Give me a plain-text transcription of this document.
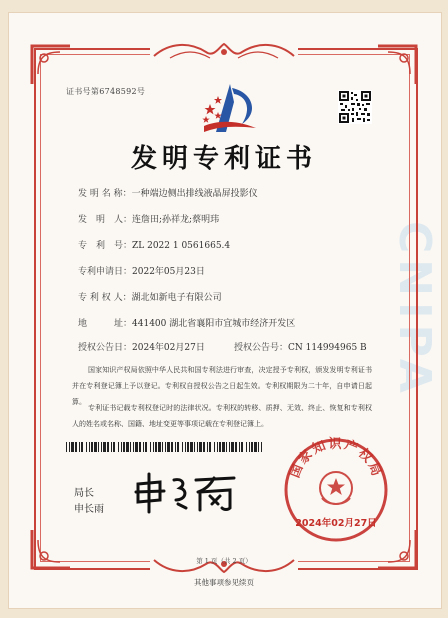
CNIPA
证书号第6748592号
发明专利证书
发 明 名 称：一种端边侧出排线液晶屏投影仪
发　明　人：连詹田;孙祥龙;蔡明玮
专　利　号：ZL 2022 1 0561665.4
专利申请日：2022年05月23日
专 利 权 人：湖北如新电子有限公司
地　　　址：441400 湖北省襄阳市宜城市经济开发区
授权公告日：2024年02月27日	授权公告号：CN 114994965 B
国家知识产权局依照中华人民共和国专利法进行审查，决定授予专利权，颁发发明专利证书并在专利登记簿上予以登记。专利权自授权公告之日起生效。专利权期限为二十年，自申请日起算。
专利证书记载专利权登记时的法律状况。专利权的转移、质押、无效、终止、恢复和专利权人的姓名或名称、国籍、地址变更等事项记载在专利登记簿上。
局长
申长雨
国家知识产权局
2024年02月27日
第 1 页（共 2 页）
其他事项参见续页
